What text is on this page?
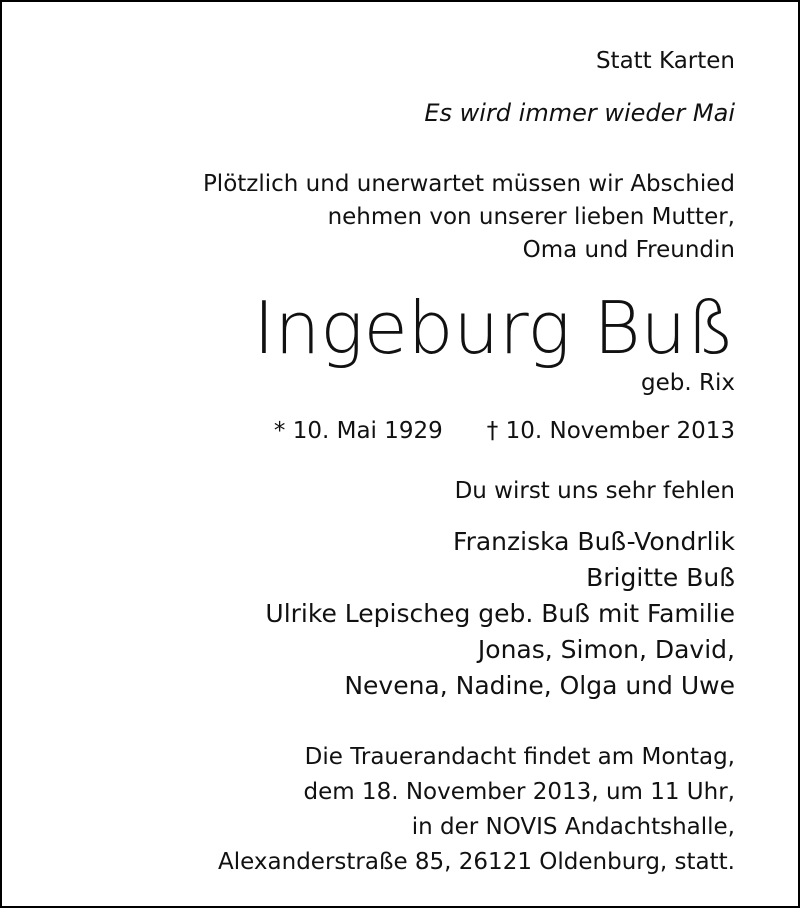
Statt Karten
Es wird immer wieder Mai
Plötzlich und unerwartet müssen wir Abschied
nehmen von unserer lieben Mutter,
Oma und Freundin
Ingeburg Buß
geb. Rix
* 10. Mai 1929 † 10. November 2013
Du wirst uns sehr fehlen
Franziska Buß-Vondrlik
Brigitte Buß
Ulrike Lepischeg geb. Buß mit Familie
Jonas, Simon, David,
Nevena, Nadine, Olga und Uwe
Die Trauerandacht findet am Montag,
dem 18. November 2013, um 11 Uhr,
in der NOVIS Andachtshalle,
Alexanderstraße 85, 26121 Oldenburg, statt.
